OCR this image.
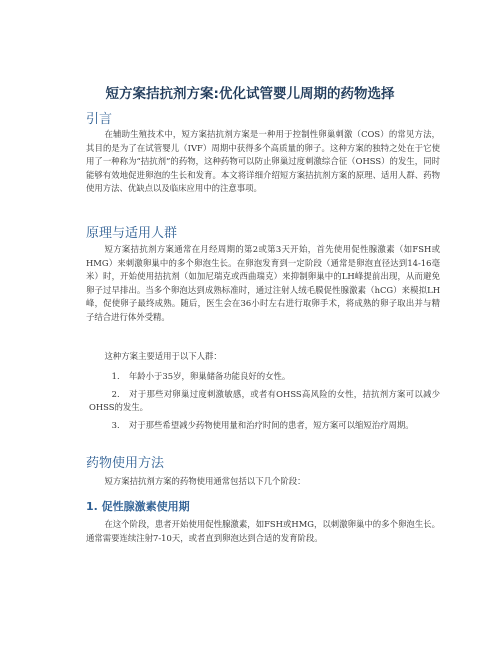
短方案拮抗剂方案:优化试管婴儿周期的药物选择
引言

在辅助生殖技术中，短方案拮抗剂方案是一种用于控制性卵巢刺激（COS）的常见方法，其目的是为了在试管婴儿（IVF）周期中获得多个高质量的卵子。这种方案的独特之处在于它使用了一种称为“拮抗剂”的药物，这种药物可以防止卵巢过度刺激综合征（OHSS）的发生，同时能够有效地促进卵泡的生长和发育。本文将详细介绍短方案拮抗剂方案的原理、适用人群、药物使用方法、优缺点以及临床应用中的注意事项。

原理与适用人群

短方案拮抗剂方案通常在月经周期的第2或第3天开始，首先使用促性腺激素（如FSH或HMG）来刺激卵巢中的多个卵泡生长。在卵泡发育到一定阶段（通常是卵泡直径达到14-16毫米）时，开始使用拮抗剂（如加尼瑞克或西曲瑞克）来抑制卵巢中的LH峰提前出现，从而避免卵子过早排出。当多个卵泡达到成熟标准时，通过注射人绒毛膜促性腺激素（hCG）来模拟LH峰，促使卵子最终成熟。随后，医生会在36小时左右进行取卵手术，将成熟的卵子取出并与精子结合进行体外受精。

这种方案主要适用于以下人群：

1. 年龄小于35岁，卵巢储备功能良好的女性。
2. 对于那些对卵巢过度刺激敏感，或者有OHSS高风险的女性，拮抗剂方案可以减少OHSS的发生。
3. 对于那些希望减少药物使用量和治疗时间的患者，短方案可以缩短治疗周期。
药物使用方法

短方案拮抗剂方案的药物使用通常包括以下几个阶段：

1. 促性腺激素使用期

在这个阶段，患者开始使用促性腺激素，如FSH或HMG，以刺激卵巢中的多个卵泡生长。通常需要连续注射7-10天，或者直到卵泡达到合适的发育阶段。
